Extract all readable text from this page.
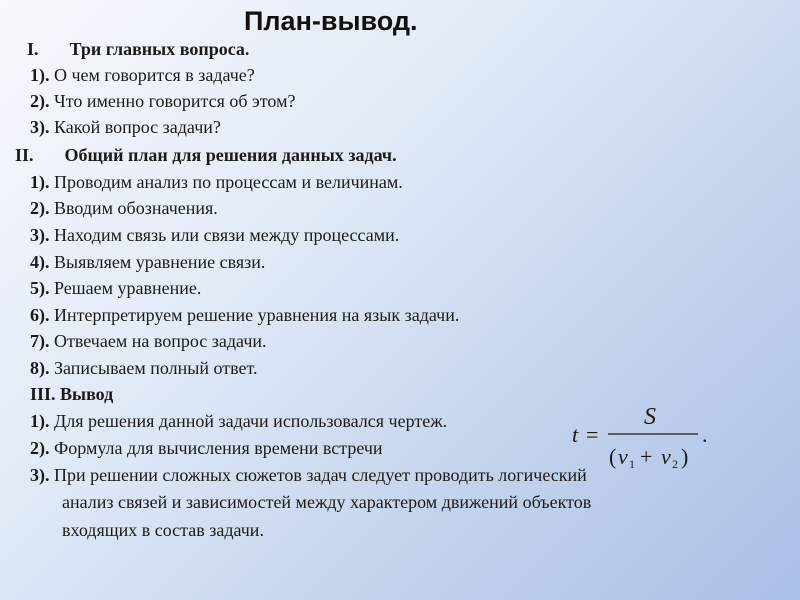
План-вывод.
I. Три главных вопроса.
1). О чем говорится в задаче?
2). Что именно говорится об этом?
3). Какой вопрос задачи?
II. Общий план для решения данных задач.
1). Проводим анализ по процессам и величинам.
2). Вводим обозначения.
3). Находим связь или связи между процессами.
4). Выявляем уравнение связи.
5). Решаем уравнение.
6). Интерпретируем решение уравнения на язык задачи.
7). Отвечаем на вопрос задачи.
8). Записываем полный ответ.
III. Вывод
1). Для решения данной задачи использовался чертеж.
2). Формула для вычисления времени встречи
3). При решении сложных сюжетов задач следует проводить логический
анализ связей и зависимостей между характером движений объектов
входящих в состав задачи.
t =
S
( v 1 + v 2 )
.
